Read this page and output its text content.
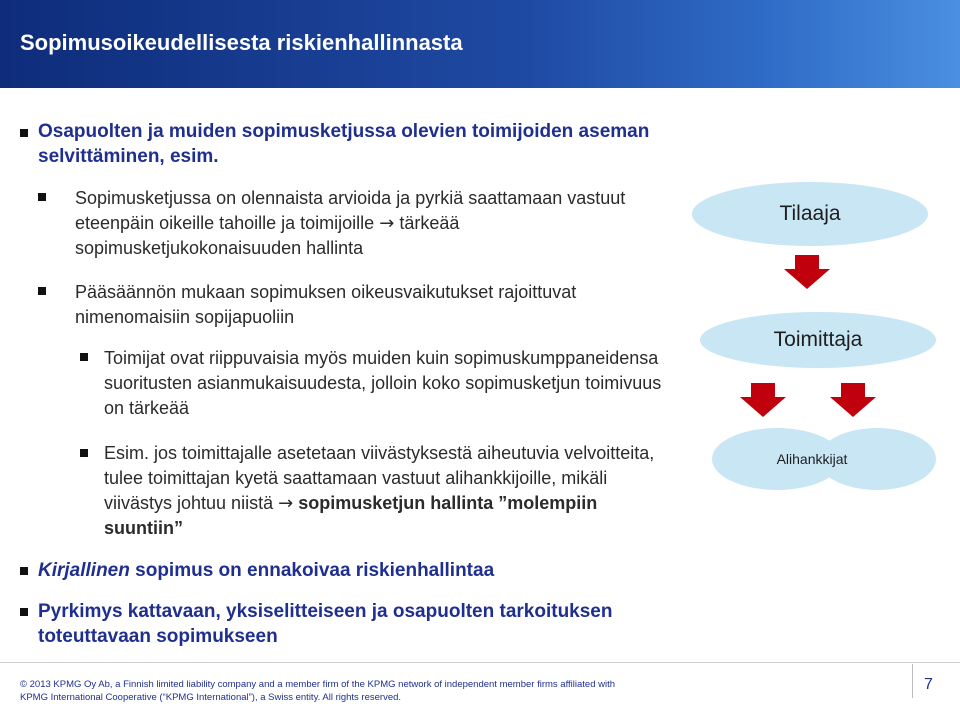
Sopimusoikeudellisesta riskienhallinnasta
Osapuolten ja muiden sopimusketjussa olevien toimijoiden aseman selvittäminen, esim.
Sopimusketjussa on olennaista arvioida ja pyrkiä saattamaan vastuut eteenpäin oikeille tahoille ja toimijoille → tärkeää sopimusketjukokonaisuuden hallinta
Pääsäännön mukaan sopimuksen oikeusvaikutukset rajoittuvat nimenomaisiin sopijapuoliin
Toimijat ovat riippuvaisia myös muiden kuin sopimuskumppaneidensa suoritusten asianmukaisuudesta, jolloin koko sopimusketjun toimivuus on tärkeää
Esim. jos toimittajalle asetetaan viivästyksestä aiheutuvia velvoitteita, tulee toimittajan kyetä saattamaan vastuut alihankkijoille, mikäli viivästys johtuu niistä → sopimusketjun hallinta ”molempiin suuntiin”
Kirjallinen sopimus on ennakoivaa riskienhallintaa
Pyrkimys kattavaan, yksiselitteiseen ja osapuolten tarkoituksen toteuttavaan sopimukseen
Tilaaja
Toimittaja
Alihankkijat
© 2013 KPMG Oy Ab, a Finnish limited liability company and a member firm of the KPMG network of independent member firms affiliated with
KPMG International Cooperative (“KPMG International”), a Swiss entity. All rights reserved.
7
